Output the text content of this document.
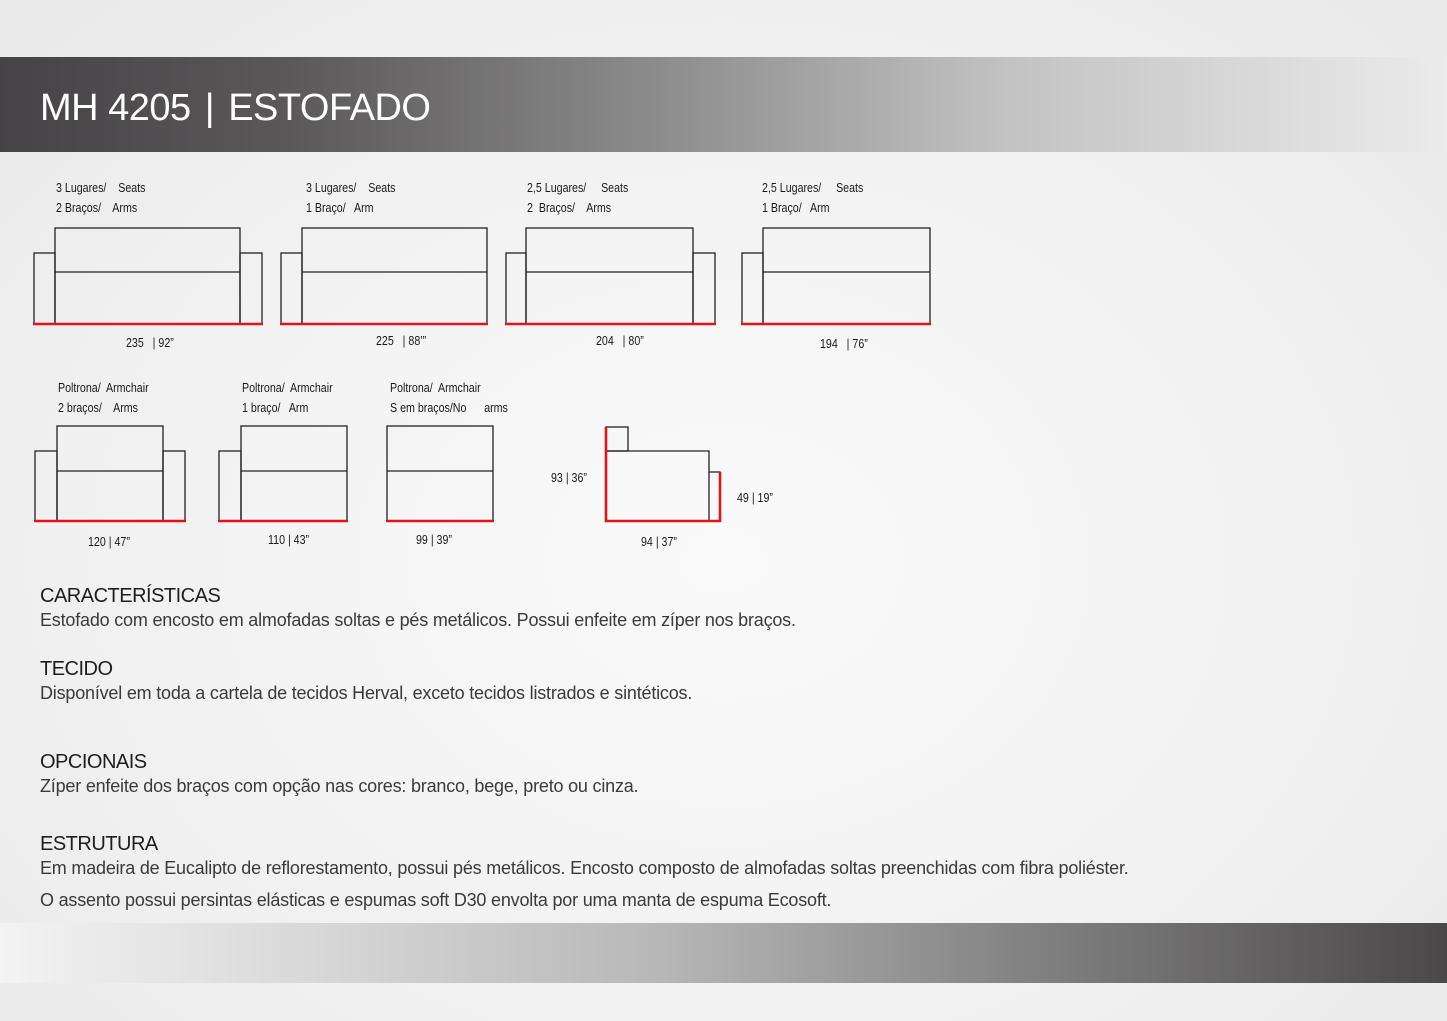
MH 4205 | ESTOFADO
3 Lugares/    Seats
2 Braços/    Arms
3 Lugares/    Seats
1 Braço/   Arm
2,5 Lugares/     Seats
2  Braços/    Arms
2,5 Lugares/     Seats
1 Braço/   Arm
Poltrona/  Armchair
2 braços/    Arms
Poltrona/  Armchair
1 braço/   Arm
Poltrona/  Armchair
S em braços/No      arms
235   | 92”	225   | 88’”	204   | 80”	194   | 76”
120 | 47”	110 | 43”	99 | 39”
93 | 36”
49 | 19”
94 | 37”
CARACTERÍSTICAS

Estofado com encosto em almofadas soltas e pés metálicos. Possui enfeite em zíper nos braços.

TECIDO

Disponível em toda a cartela de tecidos Herval, exceto tecidos listrados e sintéticos.

OPCIONAIS

Zíper enfeite dos braços com opção nas cores: branco, bege, preto ou cinza.

ESTRUTURA

Em madeira de Eucalipto de reflorestamento, possui pés metálicos. Encosto composto de almofadas soltas preenchidas com fibra poliéster.

O assento possui persintas elásticas e espumas soft D30 envolta por uma manta de espuma Ecosoft.
